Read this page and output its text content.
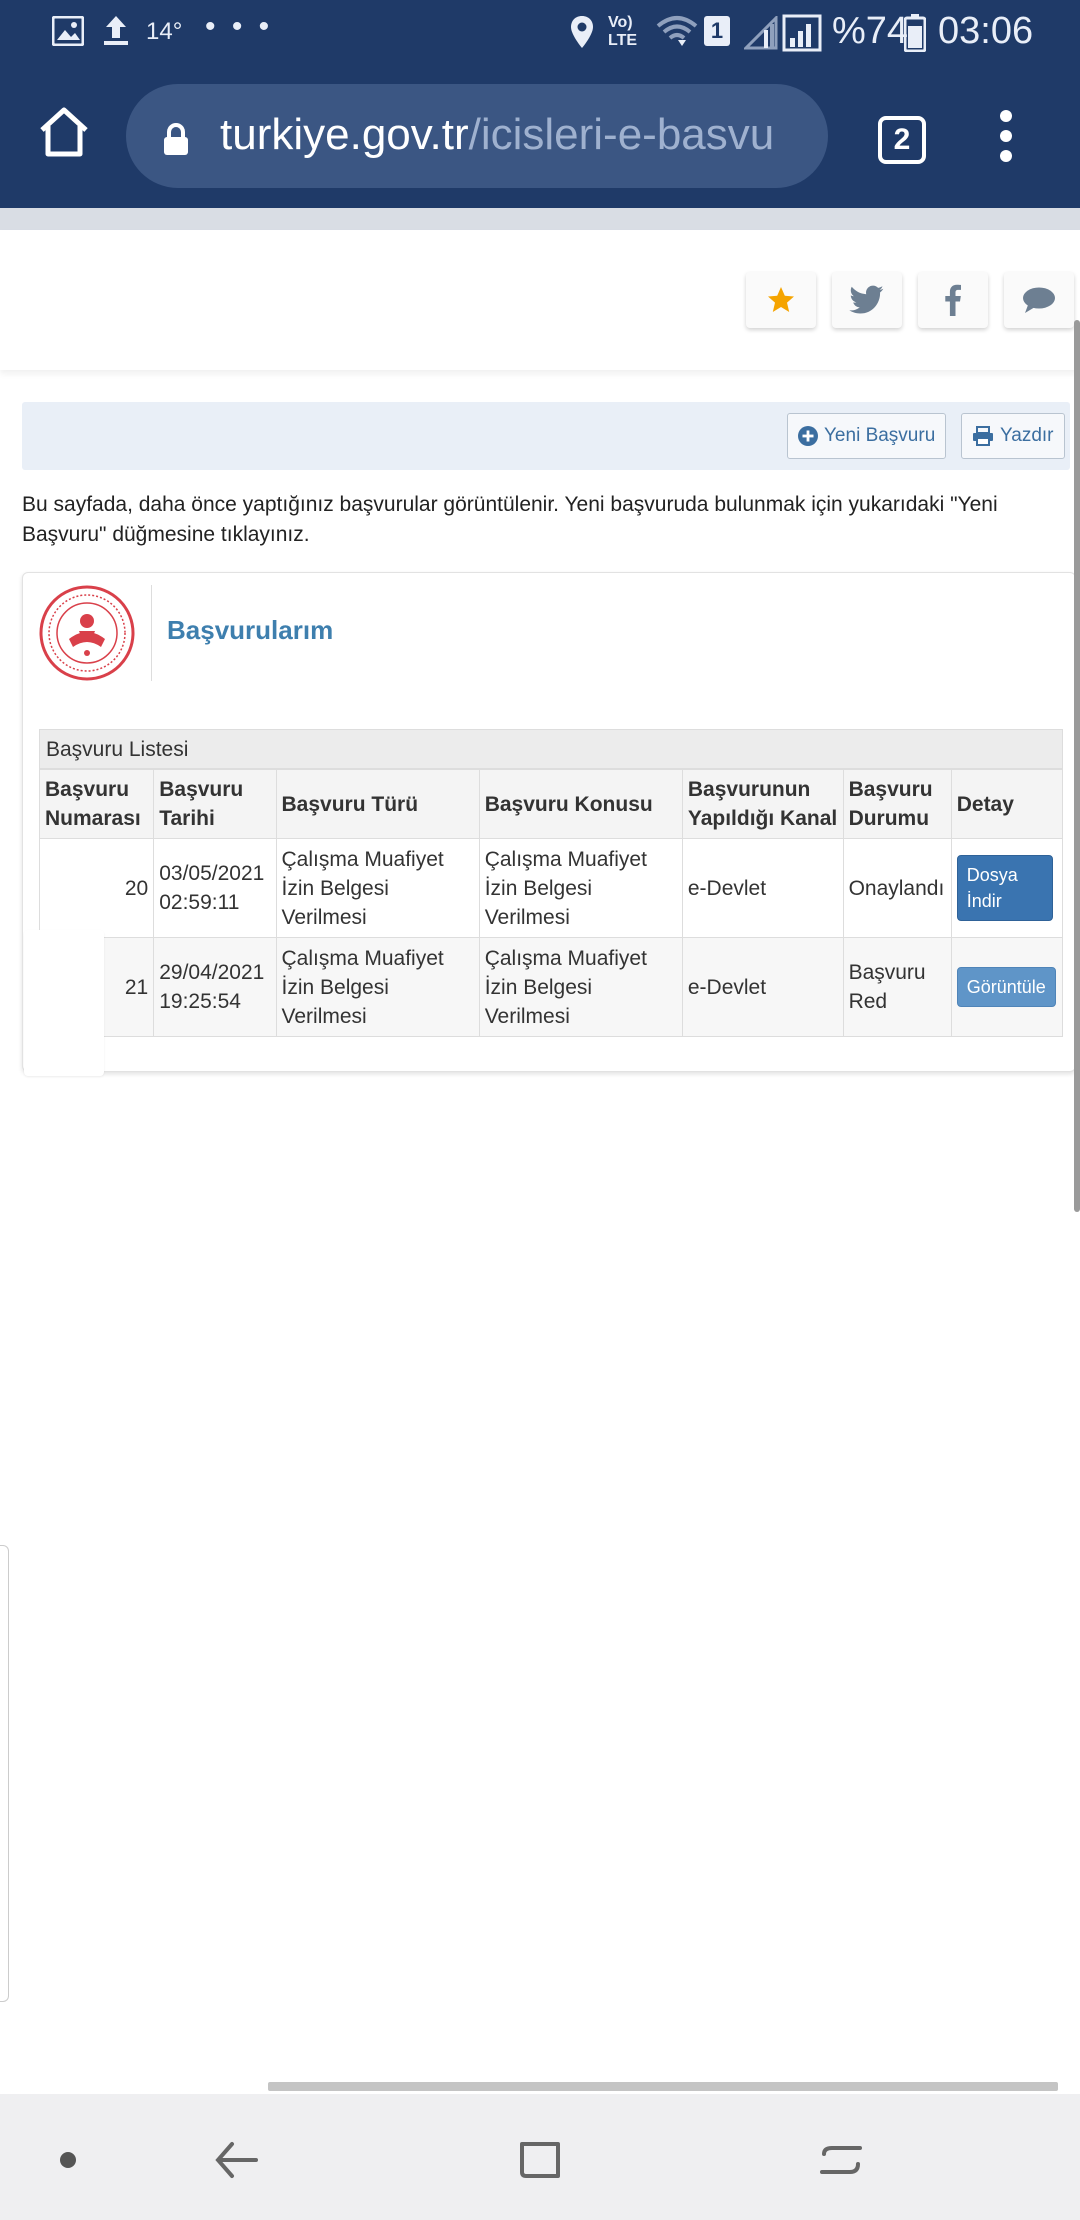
14° • • •	Vo)
LTE	1	%74 03:06
turkiye.gov.tr/icisleri-e-basvu	2
Yeni Başvuru	Yazdır
Bu sayfada, daha önce yaptığınız başvurular görüntülenir. Yeni başvuruda bulunmak için yukarıdaki "Yeni Başvuru" düğmesine tıklayınız.
Başvurularım
Başvuru Listesi
Başvuru Numarası	Başvuru Tarihi	Başvuru Türü	Başvuru Konusu	Başvurunun Yapıldığı Kanal	Başvuru Durumu	Detay
20	03/05/2021 02:59:11	Çalışma Muafiyet İzin Belgesi Verilmesi	Çalışma Muafiyet İzin Belgesi Verilmesi	e-Devlet	Onaylandı	Dosya İndir
21	29/04/2021 19:25:54	Çalışma Muafiyet İzin Belgesi Verilmesi	Çalışma Muafiyet İzin Belgesi Verilmesi	e-Devlet	Başvuru Red	Görüntüle
